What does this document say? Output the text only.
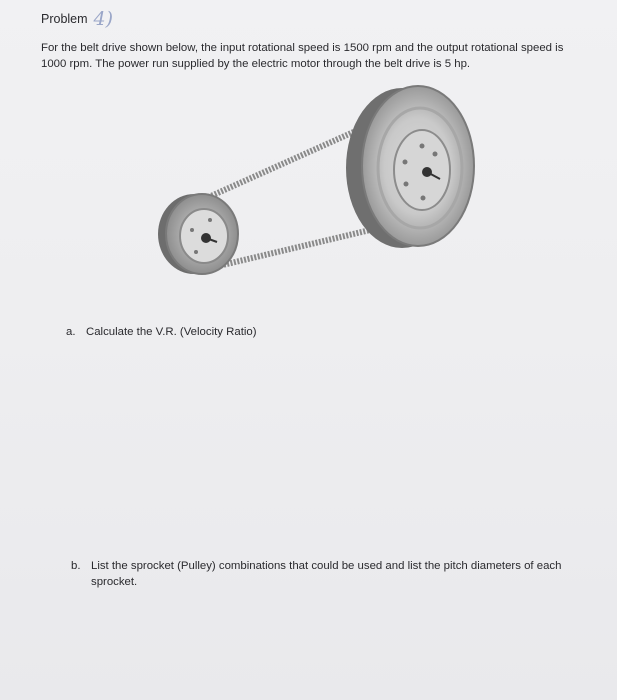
Problem 4)
For the belt drive shown below, the input rotational speed is 1500 rpm and the output rotational speed is 1000 rpm. The power run supplied by the electric motor through the belt drive is 5 hp.
a. Calculate the V.R. (Velocity Ratio)
b. List the sprocket (Pulley) combinations that could be used and list the pitch diameters of each sprocket.
